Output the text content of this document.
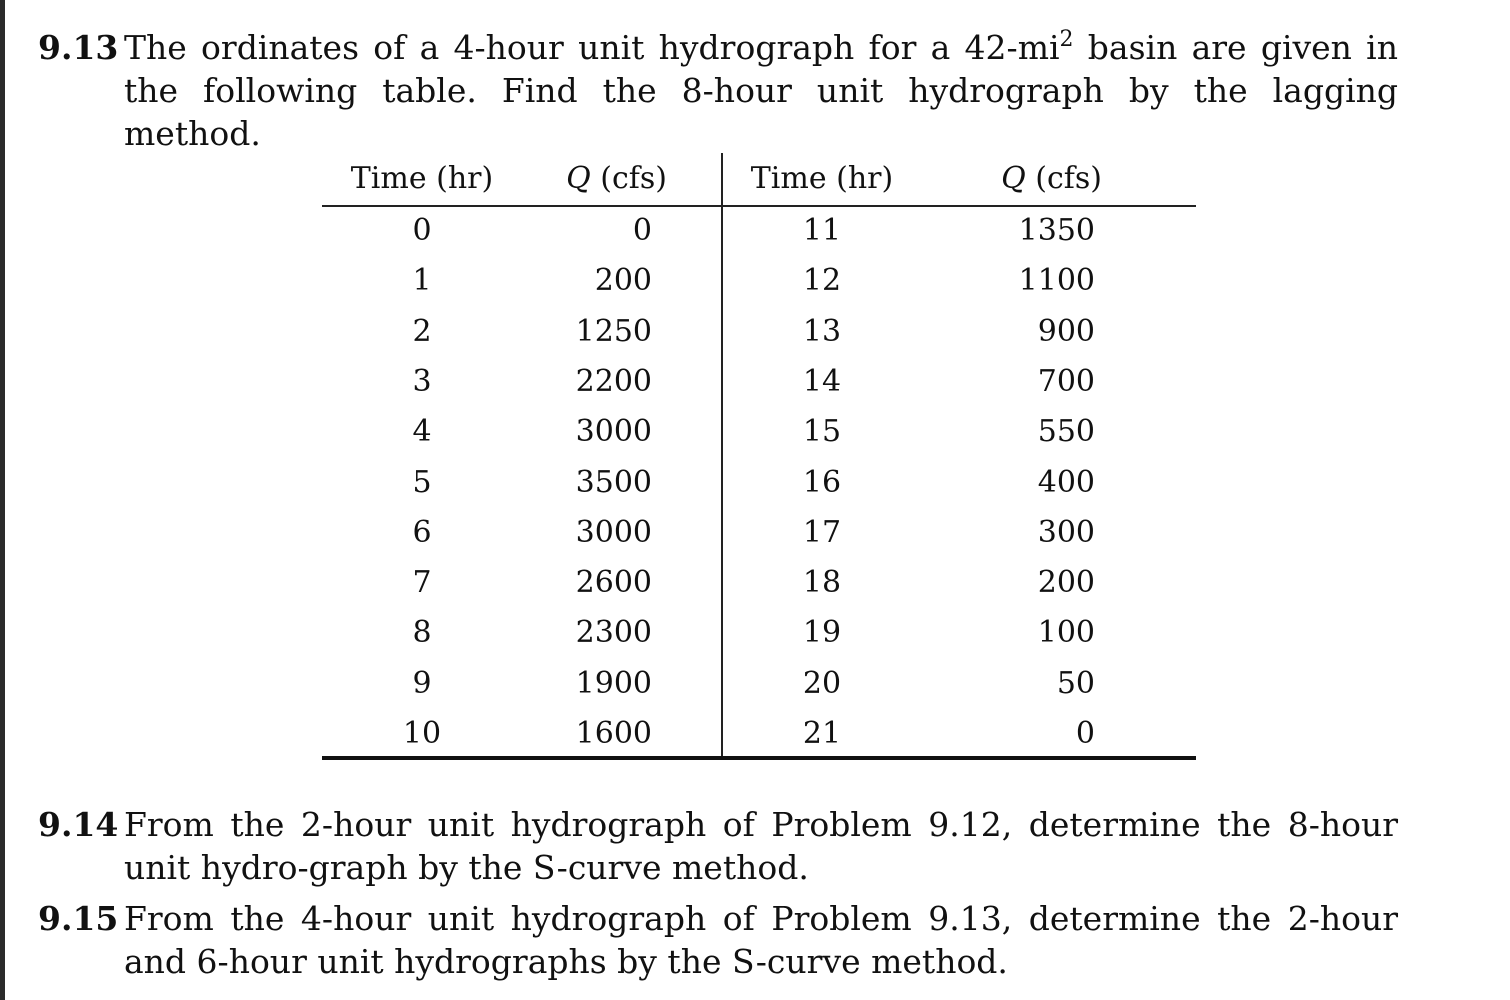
9.13 The ordinates of a 4-hour unit hydrograph for a $42-mi^2$ basin are given in the following table. Find the 8-hour unit hydrograph by the lagging method.
Time (hr)	Q (cfs)	Time (hr)	Q (cfs)
0	0	11	1350
1	200	12	1100
2	1250	13	900
3	2200	14	700
4	3000	15	550
5	3500	16	400
6	3000	17	300
7	2600	18	200
8	2300	19	100
9	1900	20	50
10	1600	21	0
9.14 From the 2-hour unit hydrograph of Problem 9.12, determine the 8-hour unit hydro-graph by the S-curve method.
9.15 From the 4-hour unit hydrograph of Problem 9.13, determine the 2-hour and 6-hour unit hydrographs by the S-curve method.
